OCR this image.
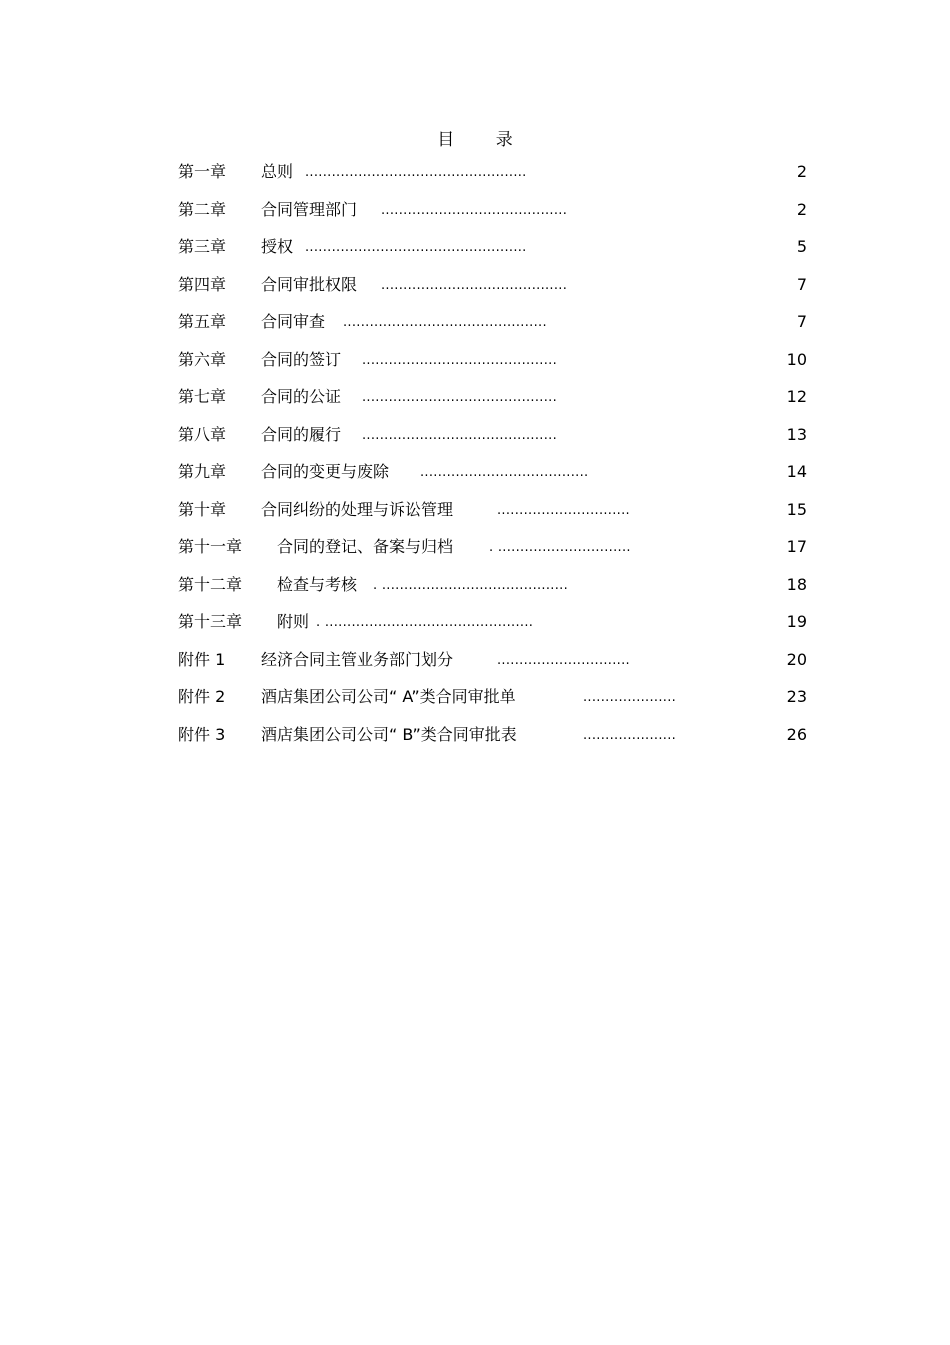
目 录
第一章 总则 ..................................................	2
第二章 合同管理部门 ..........................................	2
第三章 授权 ..................................................	5
第四章 合同审批权限 ..........................................	7
第五章 合同审查 ..............................................	7
第六章 合同的签订 ............................................	10
第七章 合同的公证 ............................................	12
第八章 合同的履行 ............................................	13
第九章 合同的变更与废除 ......................................	14
第十章 合同纠纷的处理与诉讼管理	..............................	15
第十一章 合同的登记、备案与归档	. ..............................	17
第十二章 检查与考核 . ..........................................	18
第十三章 附则 . ...............................................	19
附件 1 经济合同主管业务部门划分	..............................	20
附件 2 酒店集团公司公司“ A”类合同审批单	.....................	23
附件 3 酒店集团公司公司“ B”类合同审批表	.....................	26
